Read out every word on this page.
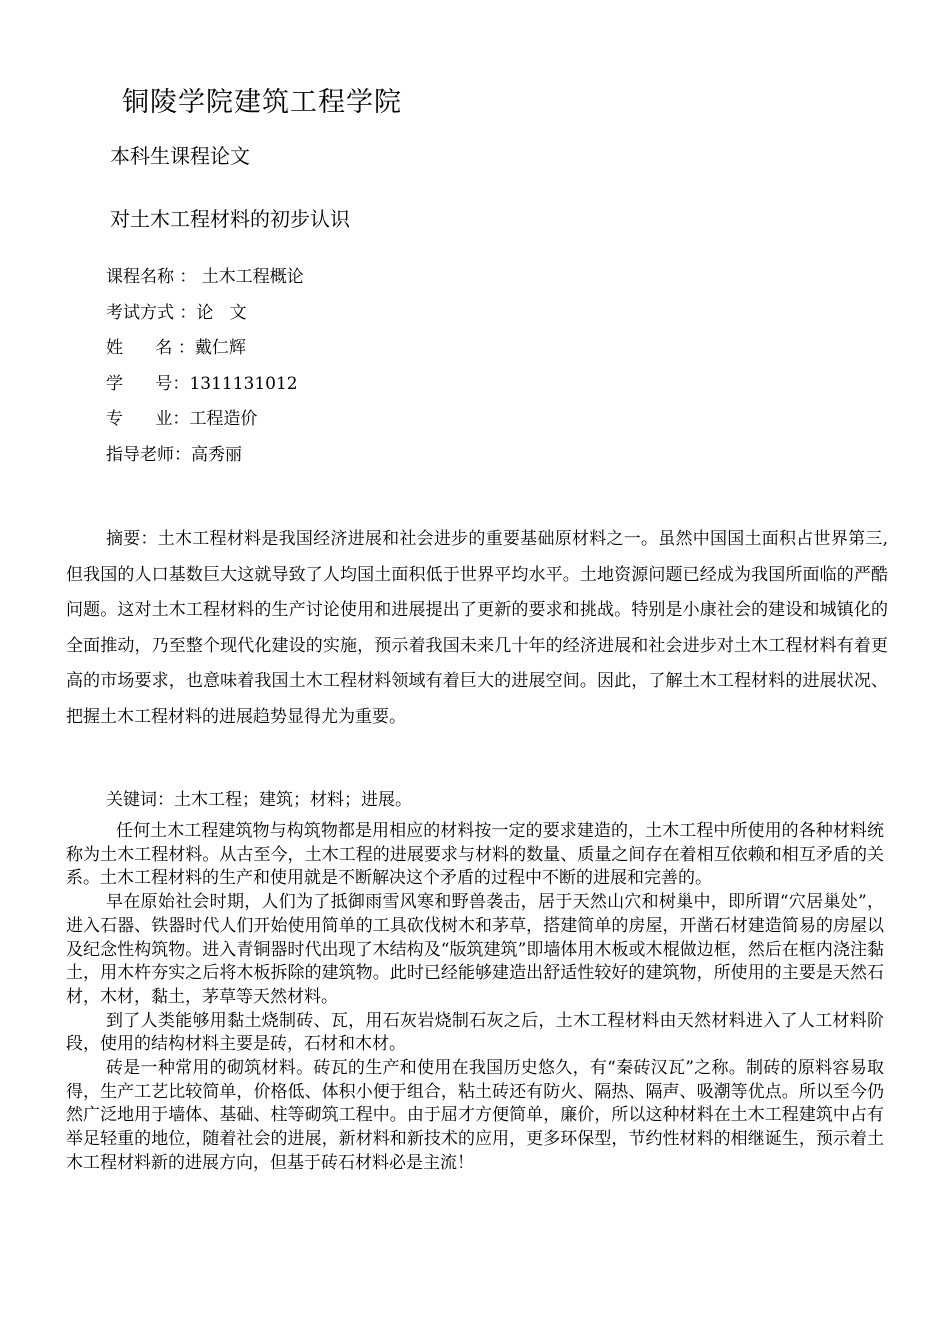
铜陵学院建筑工程学院
本科生课程论文
对土木工程材料的初步认识
课程名称 ： 土木工程概论
考试方式 ： 论   文
姓      名 ： 戴仁辉
学      号： 1311131012
专      业： 工程造价
指导老师： 高秀丽

摘要：土木工程材料是我国经济进展和社会进步的重要基础原材料之一。虽然中国国土面积占世界第三,但我国的人口基数巨大这就导致了人均国土面积低于世界平均水平。土地资源问题已经成为我国所面临的严酷问题。这对土木工程材料的生产讨论使用和进展提出了更新的要求和挑战。特别是小康社会的建设和城镇化的全面推动，乃至整个现代化建设的实施，预示着我国未来几十年的经济进展和社会进步对土木工程材料有着更高的市场要求，也意味着我国土木工程材料领域有着巨大的进展空间。因此，了解土木工程材料的进展状况、把握土木工程材料的进展趋势显得尤为重要。

关键词：土木工程；建筑；材料；进展。

任何土木工程建筑物与构筑物都是用相应的材料按一定的要求建造的，土木工程中所使用的各种材料统称为土木工程材料。从古至今，土木工程的进展要求与材料的数量、质量之间存在着相互依赖和相互矛盾的关系。土木工程材料的生产和使用就是不断解决这个矛盾的过程中不断的进展和完善的。

早在原始社会时期，人们为了抵御雨雪风寒和野兽袭击，居于天然山穴和树巢中，即所谓“穴居巢处”，进入石器、铁器时代人们开始使用简单的工具砍伐树木和茅草，搭建简单的房屋，开凿石材建造简易的房屋以及纪念性构筑物。进入青铜器时代出现了木结构及“版筑建筑”即墙体用木板或木棍做边框，然后在框内浇注黏土，用木杵夯实之后将木板拆除的建筑物。此时已经能够建造出舒适性较好的建筑物，所使用的主要是天然石材，木材，黏土，茅草等天然材料。

到了人类能够用黏土烧制砖、瓦，用石灰岩烧制石灰之后，土木工程材料由天然材料进入了人工材料阶段，使用的结构材料主要是砖，石材和木材。

砖是一种常用的砌筑材料。砖瓦的生产和使用在我国历史悠久，有“秦砖汉瓦”之称。制砖的原料容易取得，生产工艺比较简单，价格低、体积小便于组合，粘土砖还有防火、隔热、隔声、吸潮等优点。所以至今仍然广泛地用于墙体、基础、柱等砌筑工程中。由于屈才方便简单，廉价，所以这种材料在土木工程建筑中占有举足轻重的地位，随着社会的进展，新材料和新技术的应用，更多环保型，节约性材料的相继诞生，预示着土木工程材料新的进展方向，但基于砖石材料必是主流！
